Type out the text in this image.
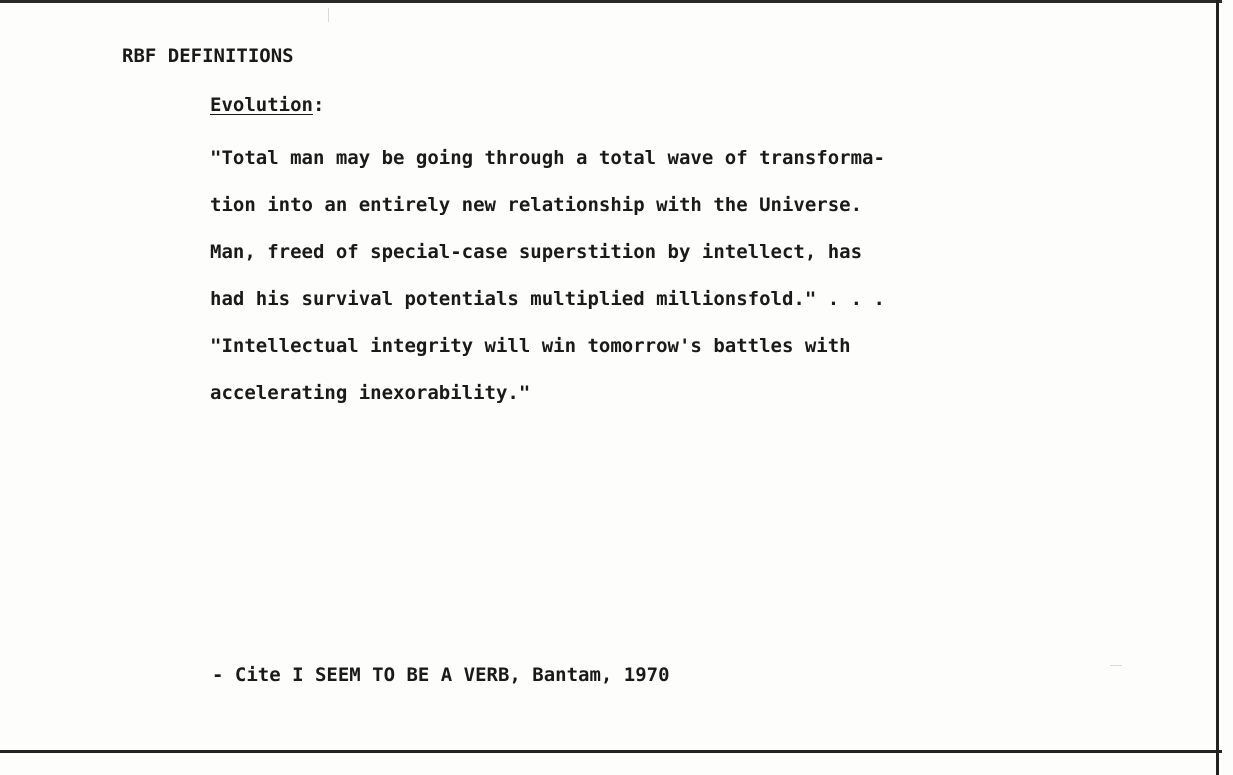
RBF DEFINITIONS
Evolution:
"Total man may be going through a total wave of transforma-
tion into an entirely new relationship with the Universe.
Man, freed of special-case superstition by intellect, has
had his survival potentials multiplied millionsfold." . . .
"Intellectual integrity will win tomorrow's battles with
accelerating inexorability."
- Cite I SEEM TO BE A VERB, Bantam, 1970
